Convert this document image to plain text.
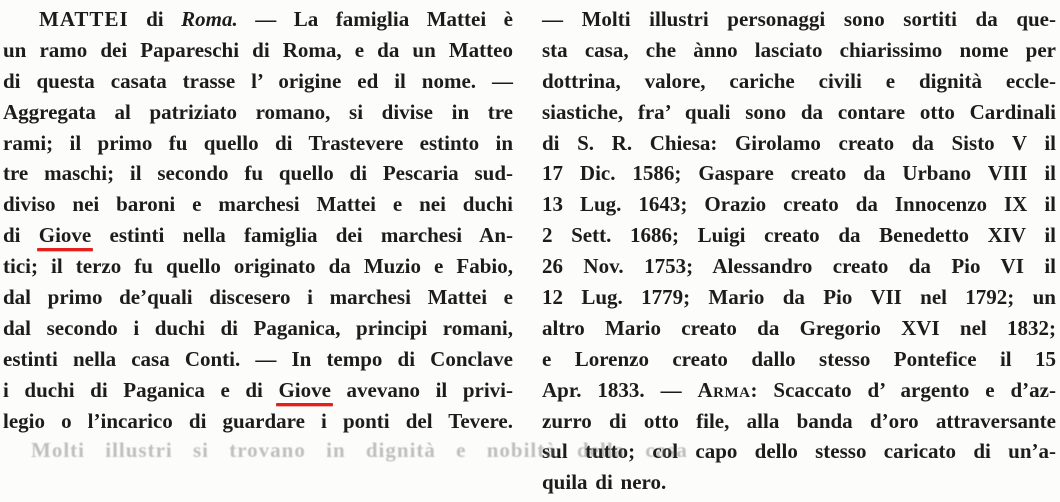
MATTEI di Roma. — La famiglia Mattei è
un ramo dei Papareschi di Roma, e da un Matteo
di questa casata trasse l’ origine ed il nome. —
Aggregata al patriziato romano, si divise in tre
rami; il primo fu quello di Trastevere estinto in
tre maschi; il secondo fu quello di Pescaria sud-
diviso nei baroni e marchesi Mattei e nei duchi
di Giove estinti nella famiglia dei marchesi An-
tici; il terzo fu quello originato da Muzio e Fabio,
dal primo de’quali discesero i marchesi Mattei e
dal secondo i duchi di Paganica, principi romani,
estinti nella casa Conti. — In tempo di Conclave
i duchi di Paganica e di Giove avevano il privi-
legio o l’incarico di guardare i ponti del Tevere.
Molti illustri si trovano in dignità e nobiltà della casa
— Molti illustri personaggi sono sortiti da que-
sta casa, che ànno lasciato chiarissimo nome per
dottrina, valore, cariche civili e dignità eccle-
siastiche, fra’ quali sono da contare otto Cardinali
di S. R. Chiesa: Girolamo creato da Sisto V il
17 Dic. 1586; Gaspare creato da Urbano VIII il
13 Lug. 1643; Orazio creato da Innocenzo IX il
2 Sett. 1686; Luigi creato da Benedetto XIV il
26 Nov. 1753; Alessandro creato da Pio VI il
12 Lug. 1779; Mario da Pio VII nel 1792; un
altro Mario creato da Gregorio XVI nel 1832;
e Lorenzo creato dallo stesso Pontefice il 15
Apr. 1833. — Arma: Scaccato d’ argento e d’az-
zurro di otto file, alla banda d’oro attraversante
sul tutto; col capo dello stesso caricato di un’a-
quila di nero.
